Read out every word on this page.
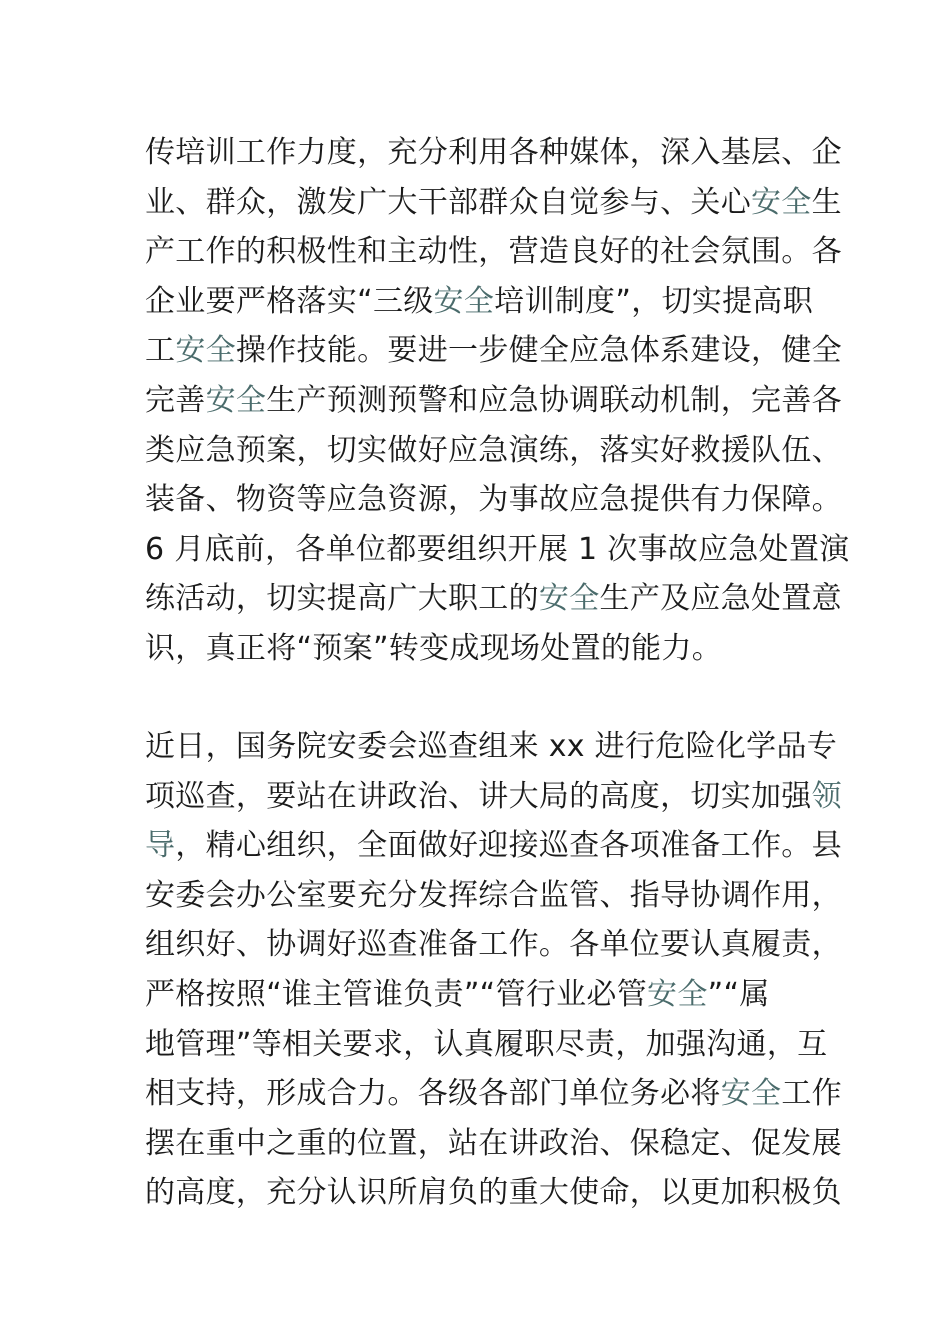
传培训工作力度，充分利用各种媒体，深入基层、企
业、群众，激发广大干部群众自觉参与、关心安全生
产工作的积极性和主动性，营造良好的社会氛围。各
企业要严格落实“三级安全培训制度”，切实提高职
工安全操作技能。要进一步健全应急体系建设，健全
完善安全生产预测预警和应急协调联动机制，完善各
类应急预案，切实做好应急演练，落实好救援队伍、
装备、物资等应急资源，为事故应急提供有力保障。
6 月底前，各单位都要组织开展 1 次事故应急处置演
练活动，切实提高广大职工的安全生产及应急处置意
识，真正将“预案”转变成现场处置的能力。
近日，国务院安委会巡查组来 xx 进行危险化学品专
项巡查，要站在讲政治、讲大局的高度，切实加强领
导，精心组织，全面做好迎接巡查各项准备工作。县
安委会办公室要充分发挥综合监管、指导协调作用，
组织好、协调好巡查准备工作。各单位要认真履责，
严格按照“谁主管谁负责”“管行业必管安全”“属
地管理”等相关要求，认真履职尽责，加强沟通，互
相支持，形成合力。各级各部门单位务必将安全工作
摆在重中之重的位置，站在讲政治、保稳定、促发展
的高度，充分认识所肩负的重大使命，以更加积极负
